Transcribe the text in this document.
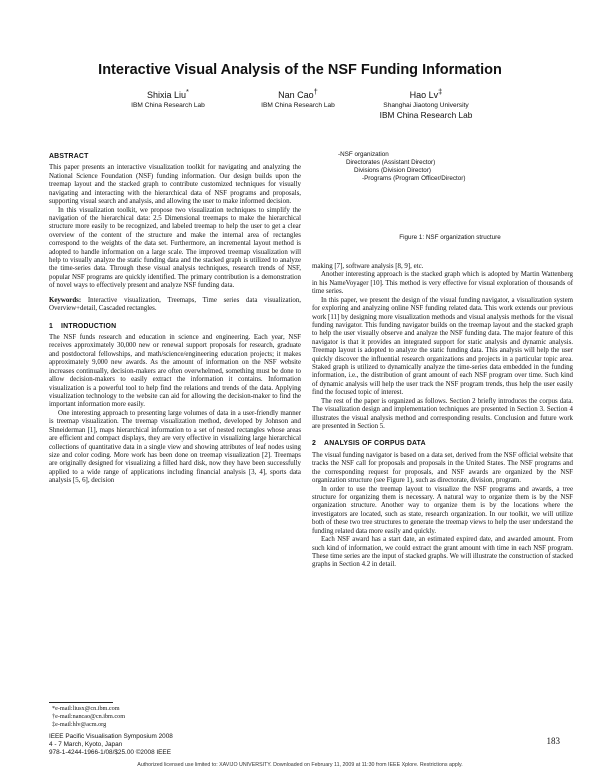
Interactive Visual Analysis of the NSF Funding Information
Shixia Liu*
IBM China Research Lab
Nan Cao†
IBM China Research Lab
Hao Lv‡
Shanghai Jiaotong University
IBM China Research Lab
ABSTRACT

This paper presents an interactive visualization toolkit for navigating and analyzing the National Science Foundation (NSF) funding information. Our design builds upon the treemap layout and the stacked graph to contribute customized techniques for visually navigating and interacting with the hierarchical data of NSF programs and proposals, supporting visual search and analysis, and allowing the user to make informed decision.

In this visualization toolkit, we propose two visualization techniques to simplify the navigation of the hierarchical data: 2.5 Dimensional treemaps to make the hierarchical structure more easily to be recognized, and labeled treemap to help the user to get a clear overview of the content of the structure and make the internal area of rectangles correspond to the weights of the data set. Furthermore, an incremental layout method is adopted to handle information on a large scale. The improved treemap visualization will help to visually analyze the static funding data and the stacked graph is utilized to analyze the time-series data. Through these visual analysis techniques, research trends of NSF, popular NSF programs are quickly identified. The primary contribution is a demonstration of novel ways to effectively present and analyze NSF funding data.

Keywords: Interactive visualization, Treemaps, Time series data visualization, Overview+detail, Cascaded rectangles.

1 INTRODUCTION

The NSF funds research and education in science and engineering. Each year, NSF receives approximately 30,000 new or renewal support proposals for research, graduate and postdoctoral fellowships, and math/science/engineering education projects; it makes approximately 9,000 new awards. As the amount of information on the NSF website increases continually, decision-makers are often overwhelmed, something must be done to allow decision-makers to easily extract the information it contains. Information visualization is a powerful tool to help find the relations and trends of the data. Applying visualization technology to the website can aid for allowing the decision-maker to find the important information more easily.

One interesting approach to presenting large volumes of data in a user-friendly manner is treemap visualization. The treemap visualization method, developed by Johnson and Shneiderman [1], maps hierarchical information to a set of nested rectangles whose areas are efficient and compact displays, they are very effective in visualizing large hierarchical collections of quantitative data in a single view and showing attributes of leaf nodes using size and color coding. More work has been done on treemap visualization [2]. Treemaps are originally designed for visualizing a filled hard disk, now they have been successfully applied to a wide range of applications including financial analysis [3, 4], sports data analysis [5, 6], decision

-NSF organization
Directorates (Assistant Director)
Divisions (Division Director)
-Programs (Program Officer/Director)
Figure 1: NSF organization structure

making [7], software analysis [8, 9], etc.

Another interesting approach is the stacked graph which is adopted by Martin Wattenberg in his NameVoyager [10]. This method is very effective for visual exploration of thousands of time series.

In this paper, we present the design of the visual funding navigator, a visualization system for exploring and analyzing online NSF funding related data. This work extends our previous work [11] by designing more visualization methods and visual analysis methods for the visual funding navigator. This funding navigator builds on the treemap layout and the stacked graph to help the user visually observe and analyze the NSF funding data. The major feature of this navigator is that it provides an integrated support for static analysis and dynamic analysis. Treemap layout is adopted to analyze the static funding data. This analysis will help the user quickly discover the influential research organizations and projects in a particular topic area. Staked graph is utilized to dynamically analyze the time-series data embedded in the funding information, i.e., the distribution of grant amount of each NSF program over time. Such kind of dynamic analysis will help the user track the NSF program trends, thus help the user easily find the focused topic of interest.

The rest of the paper is organized as follows. Section 2 briefly introduces the corpus data. The visualization design and implementation techniques are presented in Section 3. Section 4 illustrates the visual analysis method and corresponding results. Conclusion and future work are presented in Section 5.

2 ANALYSIS OF CORPUS DATA

The visual funding navigator is based on a data set, derived from the NSF official website that tracks the NSF call for proposals and proposals in the United States. The NSF programs and the corresponding request for proposals, and NSF awards are organized by the NSF organization structure (see Figure 1), such as directorate, division, program.

In order to use the treemap layout to visualize the NSF programs and awards, a tree structure for organizing them is necessary. A natural way to organize them is by the NSF organization structure. Another way to organize them is by the locations where the investigators are located, such as state, research organization. In our toolkit, we will utilize both of these two tree structures to generate the treemap views to help the user understand the funding related data more easily and quickly.

Each NSF award has a start date, an estimated expired date, and awarded amount. From such kind of information, we could extract the grant amount with time in each NSF program. These time series are the input of stacked graphs. We will illustrate the construction of stacked graphs in Section 4.2 in detail.

*e-mail:liusx@cn.ibm.com
†e-mail:nancao@cn.ibm.com
‡e-mail:hlv@acm.org
IEEE Pacific Visualisation Symposium 2008
4 - 7 March, Kyoto, Japan
978-1-4244-1966-1/08/$25.00 ©2008 IEEE
183
Authorized licensed use limited to: XAVIJO UNIVERSITY. Downloaded on February 11, 2009 at 11:30 from IEEE Xplore. Restrictions apply.
